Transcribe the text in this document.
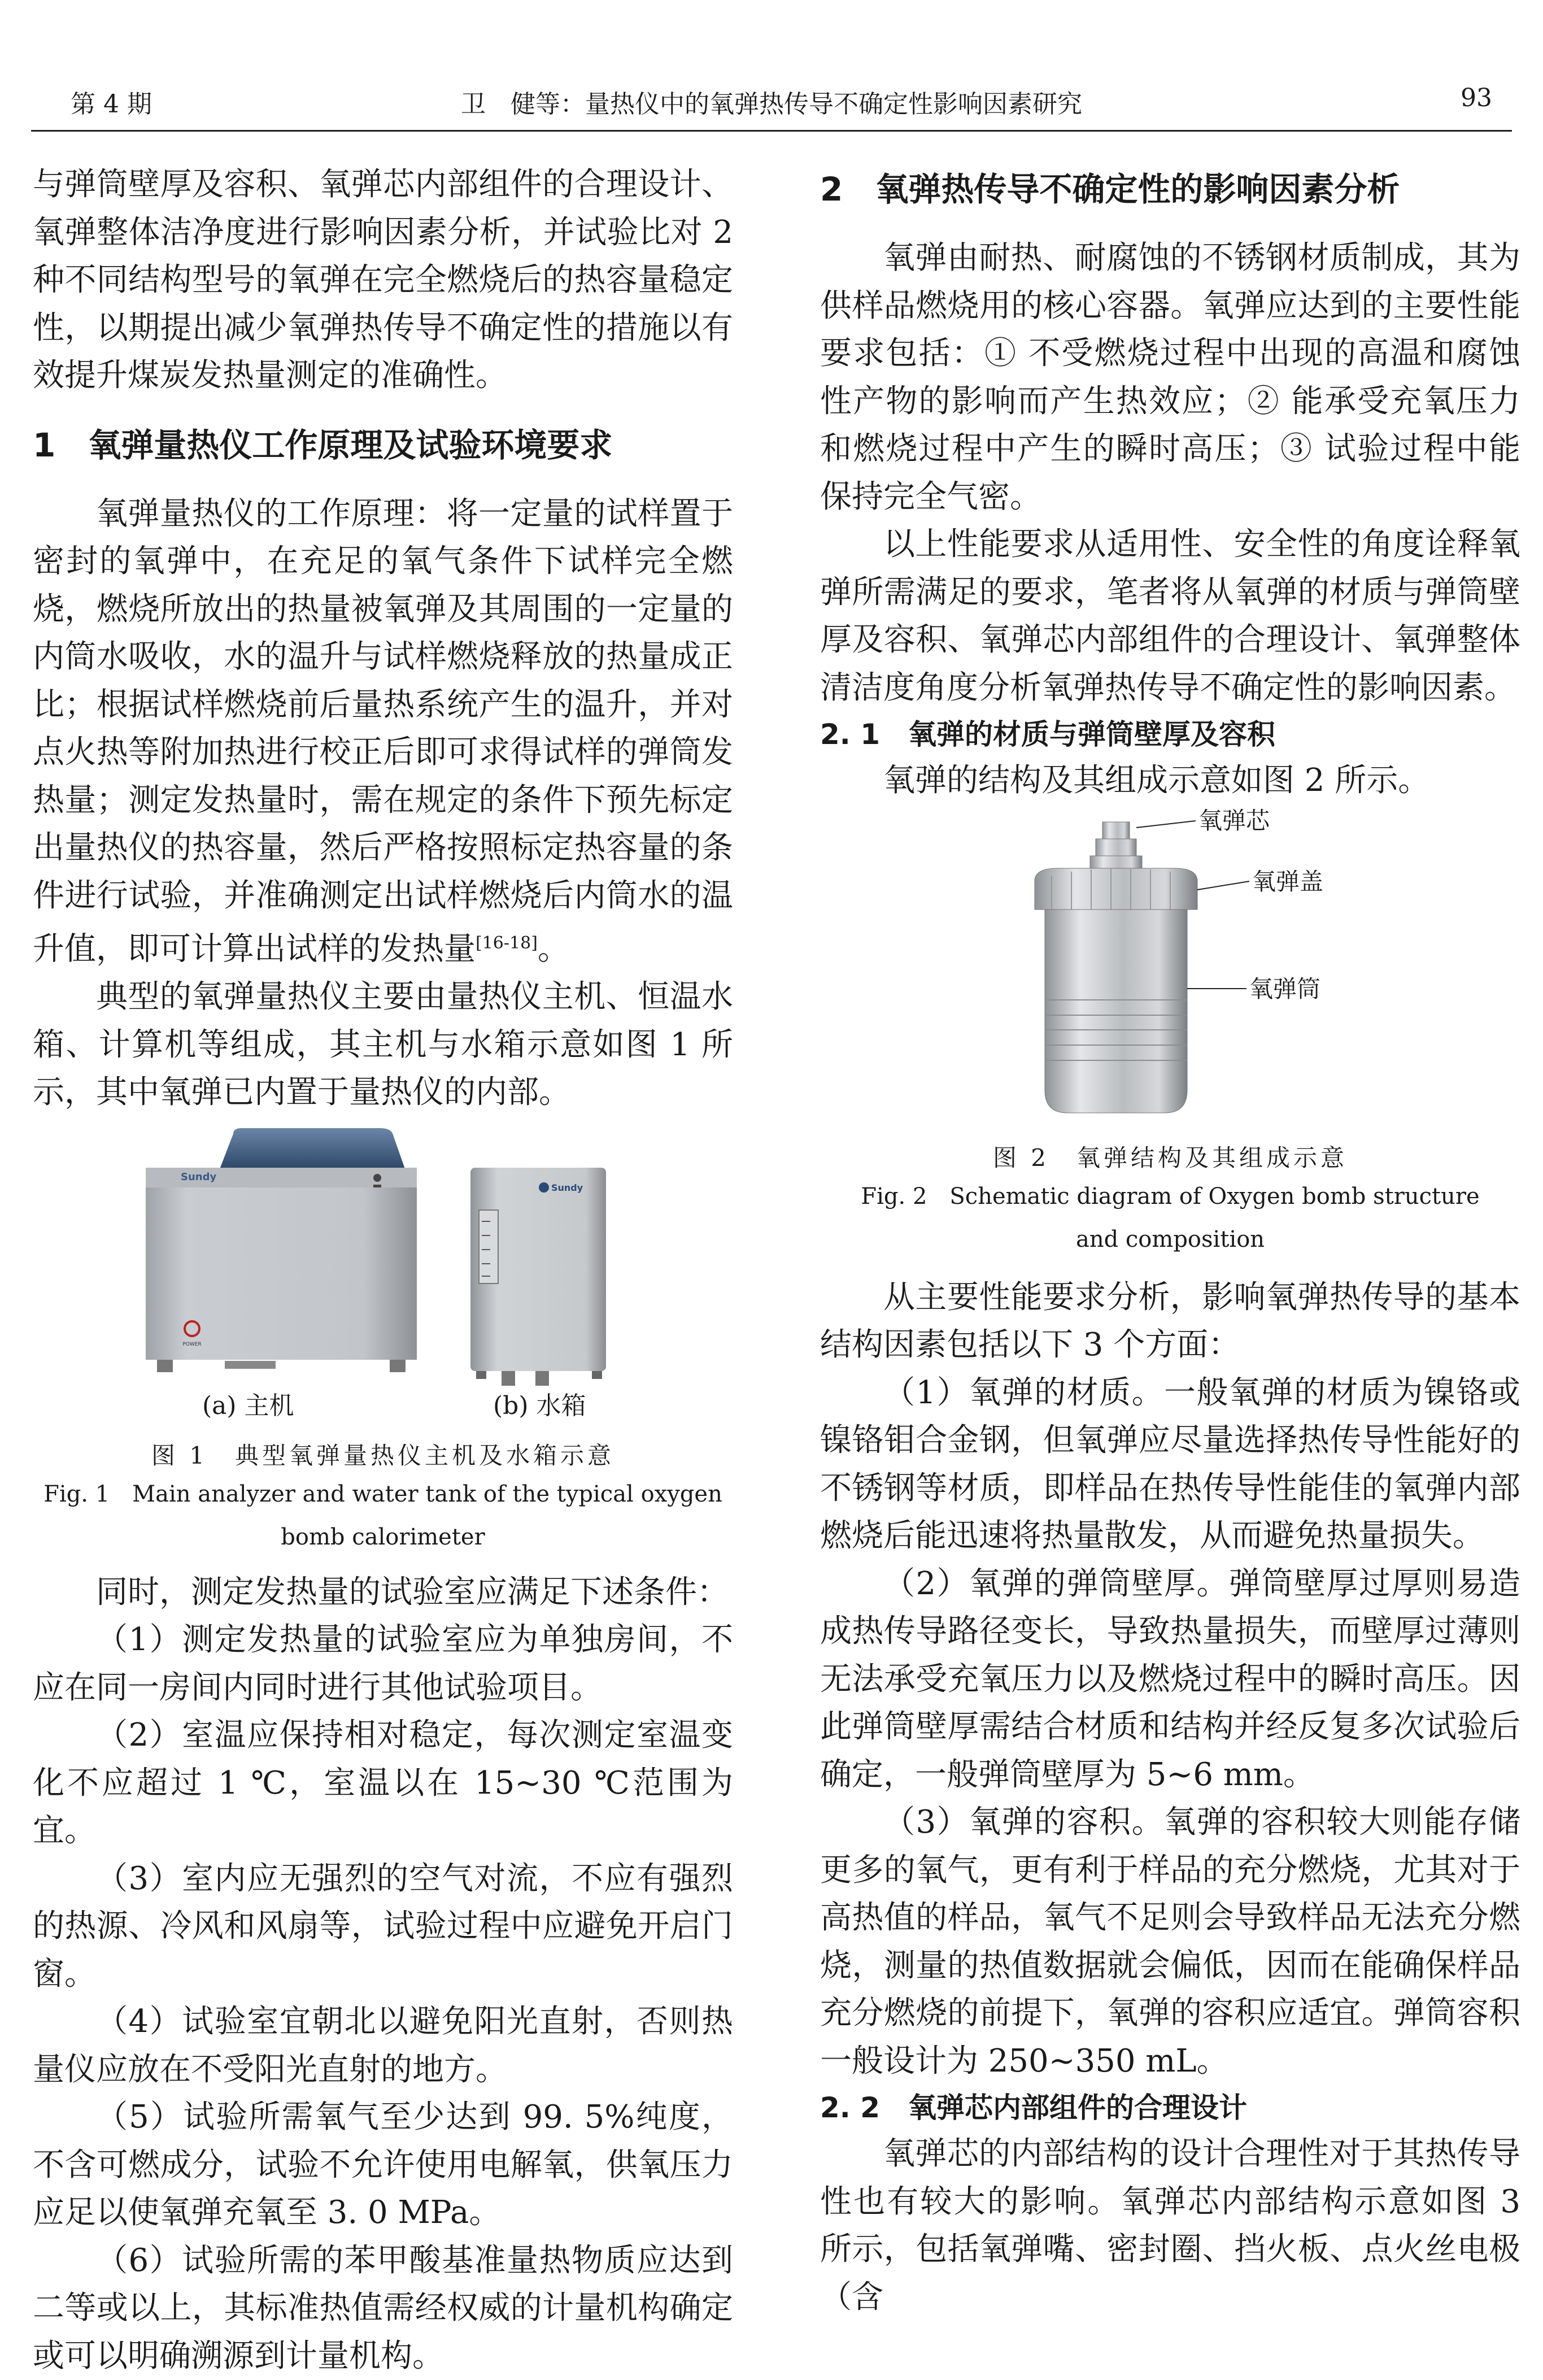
第 4 期	卫　健等：量热仪中的氧弹热传导不确定性影响因素研究	93

与弹筒壁厚及容积、氧弹芯内部组件的合理设计、氧弹整体洁净度进行影响因素分析，并试验比对 2 种不同结构型号的氧弹在完全燃烧后的热容量稳定性，以期提出减少氧弹热传导不确定性的措施以有效提升煤炭发热量测定的准确性。

1　氧弹量热仪工作原理及试验环境要求

氧弹量热仪的工作原理：将一定量的试样置于密封的氧弹中，在充足的氧气条件下试样完全燃烧，燃烧所放出的热量被氧弹及其周围的一定量的内筒水吸收，水的温升与试样燃烧释放的热量成正比；根据试样燃烧前后量热系统产生的温升，并对点火热等附加热进行校正后即可求得试样的弹筒发热量；测定发热量时，需在规定的条件下预先标定出量热仪的热容量，然后严格按照标定热容量的条件进行试验，并准确测定出试样燃烧后内筒水的温升值，即可计算出试样的发热量[16-18]。

典型的氧弹量热仪主要由量热仪主机、恒温水箱、计算机等组成，其主机与水箱示意如图 1 所示，其中氧弹已内置于量热仪的内部。

Sundy
POWER
Sundy
(a) 主机	(b) 水箱
图 1　典型氧弹量热仪主机及水箱示意
Fig. 1　Main analyzer and water tank of the typical oxygen
bomb calorimeter

同时，测定发热量的试验室应满足下述条件：

（1）测定发热量的试验室应为单独房间，不应在同一房间内同时进行其他试验项目。

（2）室温应保持相对稳定，每次测定室温变化不应超过 1 ℃，室温以在 15~30 ℃范围为宜。

（3）室内应无强烈的空气对流，不应有强烈的热源、冷风和风扇等，试验过程中应避免开启门窗。

（4）试验室宜朝北以避免阳光直射，否则热量仪应放在不受阳光直射的地方。

（5）试验所需氧气至少达到 99. 5%纯度，不含可燃成分，试验不允许使用电解氧，供氧压力应足以使氧弹充氧至 3. 0 MPa。

（6）试验所需的苯甲酸基准量热物质应达到二等或以上，其标准热值需经权威的计量机构确定或可以明确溯源到计量机构。

2　氧弹热传导不确定性的影响因素分析

氧弹由耐热、耐腐蚀的不锈钢材质制成，其为供样品燃烧用的核心容器。氧弹应达到的主要性能要求包括：① 不受燃烧过程中出现的高温和腐蚀性产物的影响而产生热效应；② 能承受充氧压力和燃烧过程中产生的瞬时高压；③ 试验过程中能保持完全气密。

以上性能要求从适用性、安全性的角度诠释氧弹所需满足的要求，笔者将从氧弹的材质与弹筒壁厚及容积、氧弹芯内部组件的合理设计、氧弹整体清洁度角度分析氧弹热传导不确定性的影响因素。

2. 1　氧弹的材质与弹筒壁厚及容积

氧弹的结构及其组成示意如图 2 所示。

氧弹芯
氧弹盖
氧弹筒
图 2　氧弹结构及其组成示意
Fig. 2　Schematic diagram of Oxygen bomb structure
and composition

从主要性能要求分析，影响氧弹热传导的基本结构因素包括以下 3 个方面：

（1）氧弹的材质。一般氧弹的材质为镍铬或镍铬钼合金钢，但氧弹应尽量选择热传导性能好的不锈钢等材质，即样品在热传导性能佳的氧弹内部燃烧后能迅速将热量散发，从而避免热量损失。

（2）氧弹的弹筒壁厚。弹筒壁厚过厚则易造成热传导路径变长，导致热量损失，而壁厚过薄则无法承受充氧压力以及燃烧过程中的瞬时高压。因此弹筒壁厚需结合材质和结构并经反复多次试验后确定，一般弹筒壁厚为 5~6 mm。

（3）氧弹的容积。氧弹的容积较大则能存储更多的氧气，更有利于样品的充分燃烧，尤其对于高热值的样品，氧气不足则会导致样品无法充分燃烧，测量的热值数据就会偏低，因而在能确保样品充分燃烧的前提下，氧弹的容积应适宜。弹筒容积一般设计为 250~350 mL。

2. 2　氧弹芯内部组件的合理设计

氧弹芯的内部结构的设计合理性对于其热传导性也有较大的影响。氧弹芯内部结构示意如图 3 所示，包括氧弹嘴、密封圈、挡火板、点火丝电极（含
